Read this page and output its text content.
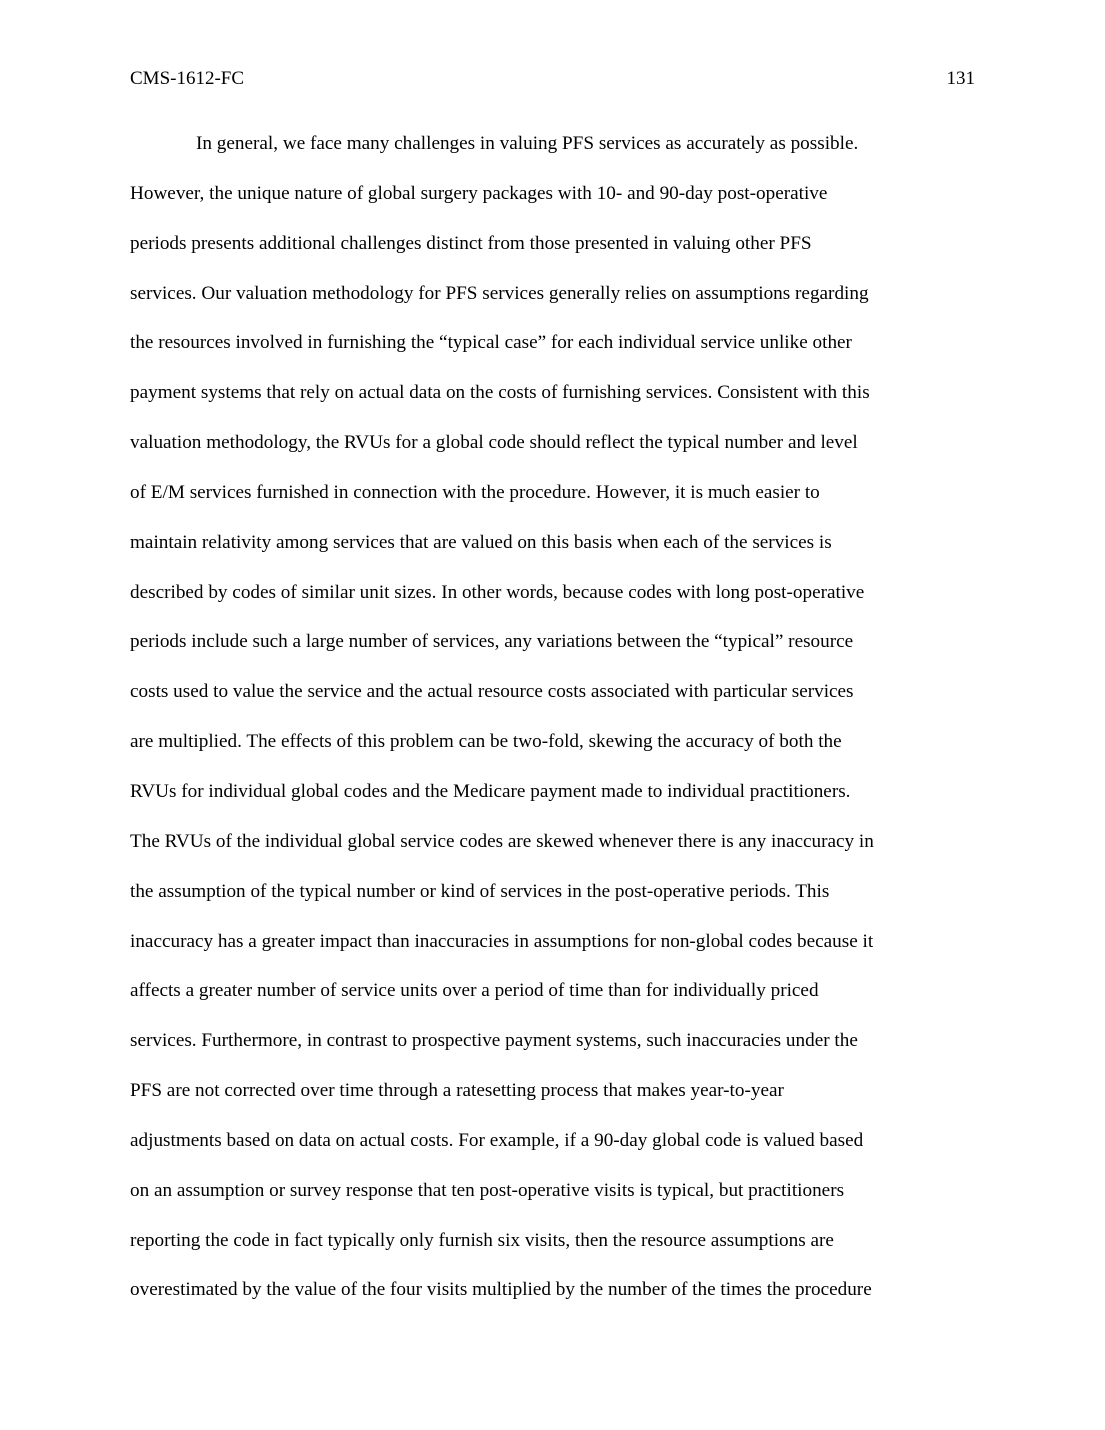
CMS-1612-FC	131
In general, we face many challenges in valuing PFS services as accurately as possible.
However, the unique nature of global surgery packages with 10- and 90-day post-operative
periods presents additional challenges distinct from those presented in valuing other PFS
services. Our valuation methodology for PFS services generally relies on assumptions regarding
the resources involved in furnishing the “typical case” for each individual service unlike other
payment systems that rely on actual data on the costs of furnishing services. Consistent with this
valuation methodology, the RVUs for a global code should reflect the typical number and level
of E/M services furnished in connection with the procedure. However, it is much easier to
maintain relativity among services that are valued on this basis when each of the services is
described by codes of similar unit sizes. In other words, because codes with long post-operative
periods include such a large number of services, any variations between the “typical” resource
costs used to value the service and the actual resource costs associated with particular services
are multiplied. The effects of this problem can be two-fold, skewing the accuracy of both the
RVUs for individual global codes and the Medicare payment made to individual practitioners.
The RVUs of the individual global service codes are skewed whenever there is any inaccuracy in
the assumption of the typical number or kind of services in the post-operative periods. This
inaccuracy has a greater impact than inaccuracies in assumptions for non-global codes because it
affects a greater number of service units over a period of time than for individually priced
services. Furthermore, in contrast to prospective payment systems, such inaccuracies under the
PFS are not corrected over time through a ratesetting process that makes year-to-year
adjustments based on data on actual costs. For example, if a 90-day global code is valued based
on an assumption or survey response that ten post-operative visits is typical, but practitioners
reporting the code in fact typically only furnish six visits, then the resource assumptions are
overestimated by the value of the four visits multiplied by the number of the times the procedure
